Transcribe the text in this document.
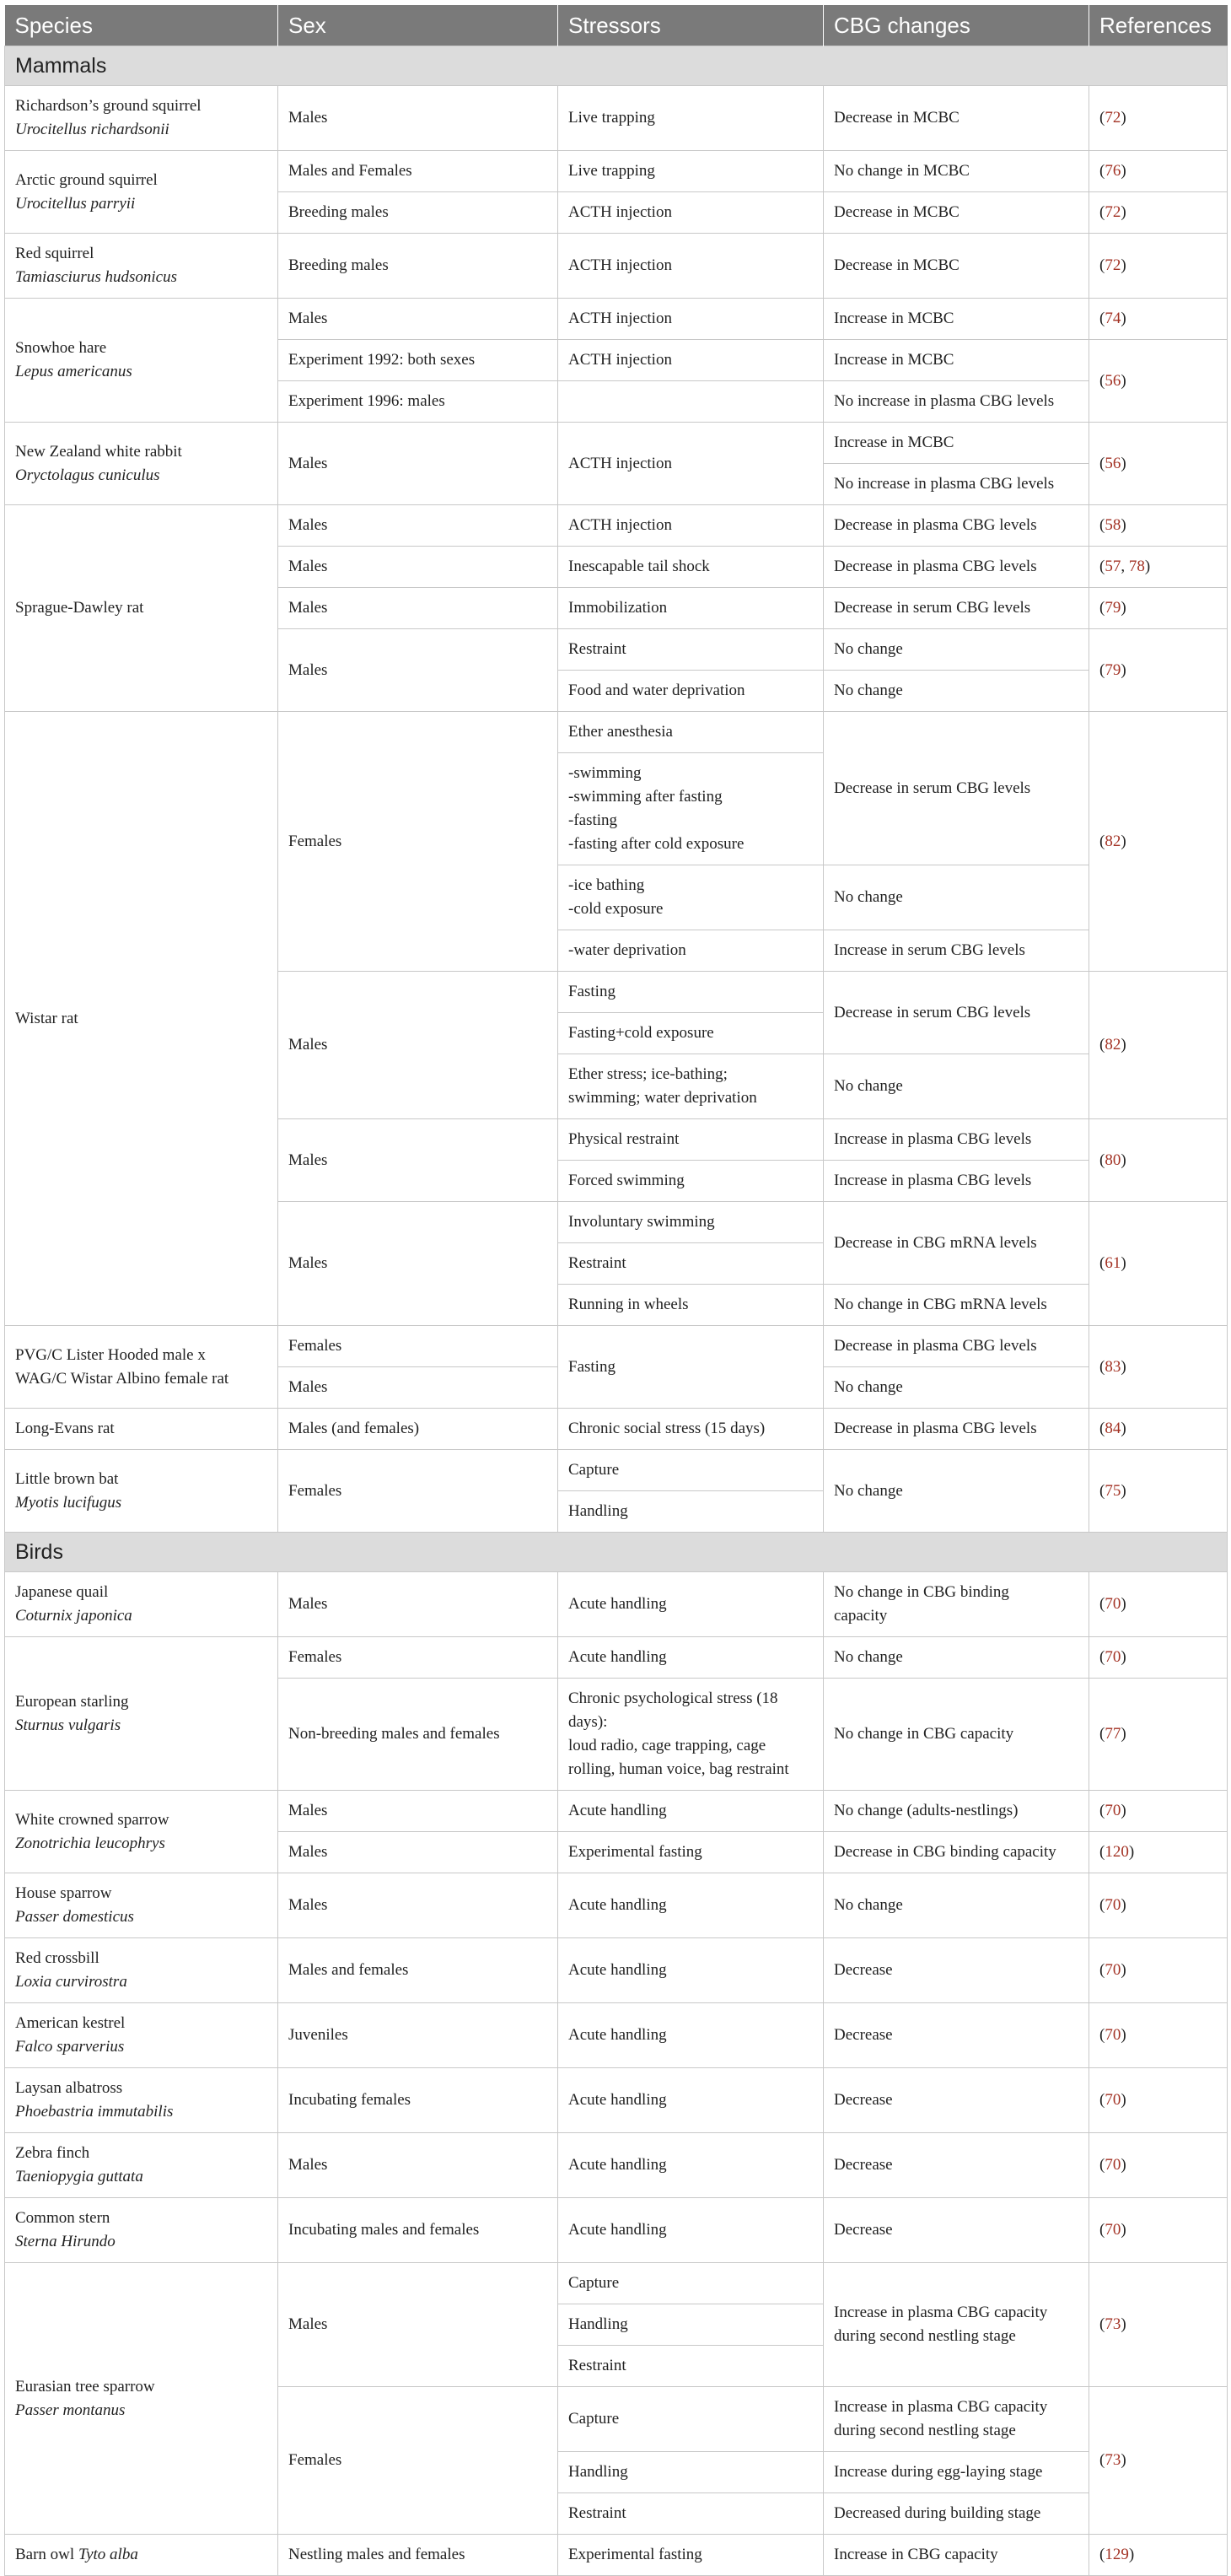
Species	Sex	Stressors	CBG changes	References
Mammals				

Richardson’s ground squirrel
Urocitellus richardsonii	Males	Live trapping	Decrease in MCBC	(72)

Arctic ground squirrel
Urocitellus parryii	Males and Females	Live trapping	No change in MCBC	(76)
	Breeding males	ACTH injection	Decrease in MCBC	(72)

Red squirrel
Tamiasciurus hudsonicus	Breeding males	ACTH injection	Decrease in MCBC	(72)

Snowhoe hare
Lepus americanus	Males	ACTH injection	Increase in MCBC	(74)
	Experiment 1992: both sexes	ACTH injection	Increase in MCBC	(56)
	Experiment 1996: males		No increase in plasma CBG levels	

New Zealand white rabbit
Oryctolagus cuniculus	Males	ACTH injection	Increase in MCBC	(56)
			No increase in plasma CBG levels	

Sprague-Dawley rat	Males	ACTH injection	Decrease in plasma CBG levels	(58)
	Males	Inescapable tail shock	Decrease in plasma CBG levels	(57, 78)
	Males	Immobilization	Decrease in serum CBG levels	(79)
	Males	Restraint	No change	(79)
		Food and water deprivation	No change	

Wistar rat	Females	Ether anesthesia	Decrease in serum CBG levels	(82)

		-swimming
-swimming after fasting
-fasting
-fasting after cold exposure		

		-ice bathing
-cold exposure	No change	
		-water deprivation	Increase in serum CBG levels	
	Males	Fasting	Decrease in serum CBG levels	(82)
		Fasting+cold exposure		

		Ether stress; ice-bathing;
swimming; water deprivation	No change	
	Males	Physical restraint	Increase in plasma CBG levels	(80)
		Forced swimming	Increase in plasma CBG levels	
	Males	Involuntary swimming	Decrease in CBG mRNA levels	(61)
		Restraint		
		Running in wheels	No change in CBG mRNA levels	

PVG/C Lister Hooded male x
WAG/C Wistar Albino female rat	Females	Fasting	Decrease in plasma CBG levels	(83)
	Males		No change	

Long-Evans rat	Males (and females)	Chronic social stress (15 days)	Decrease in plasma CBG levels	(84)

Little brown bat
Myotis lucifugus	Females	Capture	No change	(75)
		Handling		
Birds				

Japanese quail
Coturnix japonica	Males	Acute handling	No change in CBG binding
capacity	(70)

European starling
Sturnus vulgaris	Females	Acute handling	No change	(70)
	Non-breeding males and females	Chronic psychological stress (18
days):
loud radio, cage trapping, cage
rolling, human voice, bag restraint	No change in CBG capacity	(77)

White crowned sparrow
Zonotrichia leucophrys	Males	Acute handling	No change (adults-nestlings)	(70)
	Males	Experimental fasting	Decrease in CBG binding capacity	(120)

House sparrow
Passer domesticus	Males	Acute handling	No change	(70)

Red crossbill
Loxia curvirostra	Males and females	Acute handling	Decrease	(70)

American kestrel
Falco sparverius	Juveniles	Acute handling	Decrease	(70)

Laysan albatross
Phoebastria immutabilis	Incubating females	Acute handling	Decrease	(70)

Zebra finch
Taeniopygia guttata	Males	Acute handling	Decrease	(70)

Common stern
Sterna Hirundo	Incubating males and females	Acute handling	Decrease	(70)

Eurasian tree sparrow
Passer montanus	Males	Capture	Increase in plasma CBG capacity
during second nestling stage	(73)
		Handling		
		Restraint		
	Females	Capture	Increase in plasma CBG capacity
during second nestling stage	(73)
		Handling	Increase during egg-laying stage	
		Restraint	Decreased during building stage	
Barn owl Tyto alba	Nestling males and females	Experimental fasting	Increase in CBG capacity	(129)
